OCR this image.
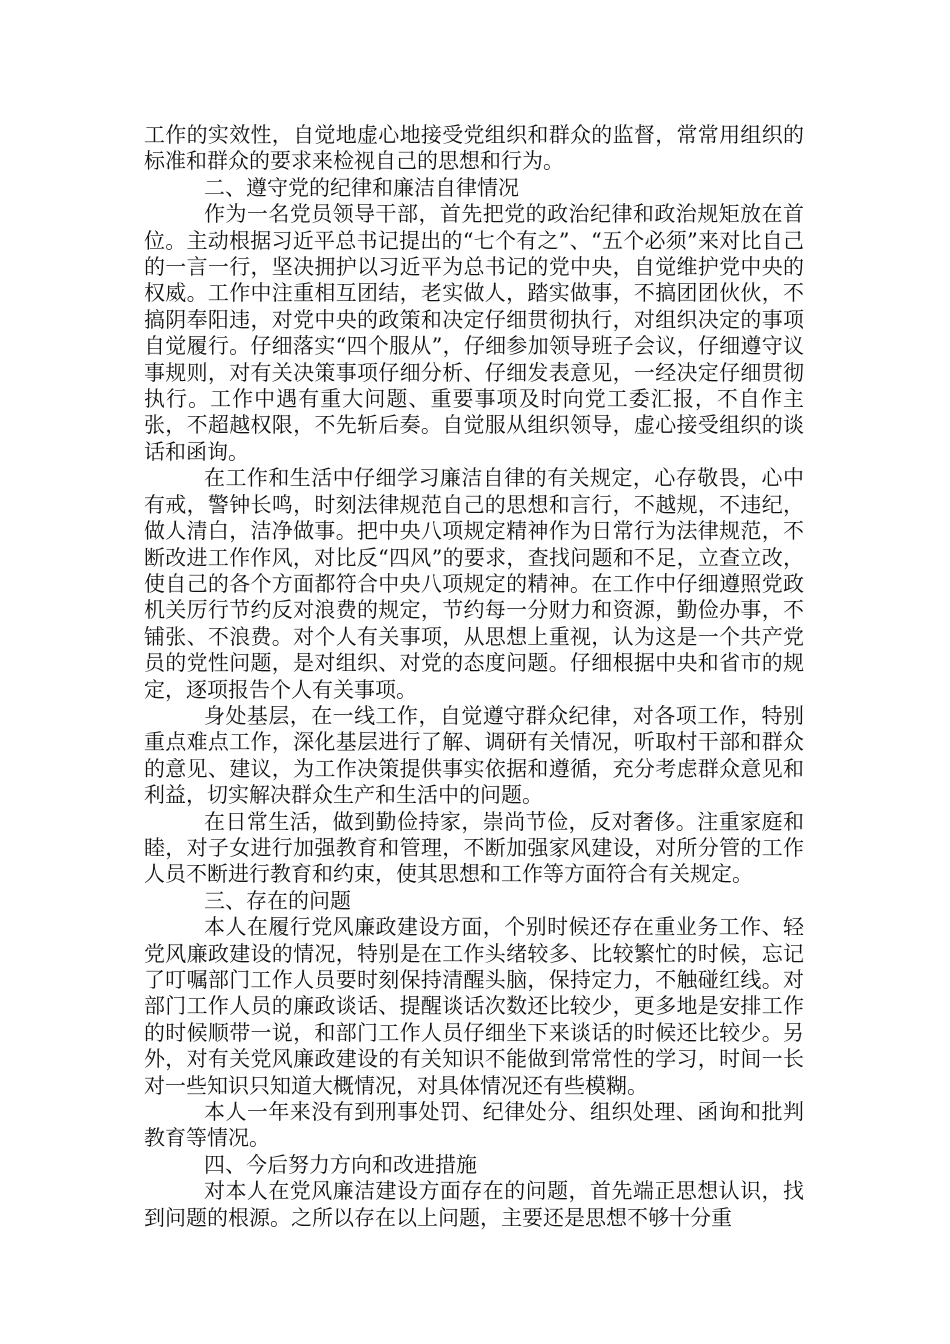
工作的实效性，自觉地虚心地接受党组织和群众的监督，常常用组织的标准和群众的要求来检视自己的思想和行为。

二、遵守党的纪律和廉洁自律情况

作为一名党员领导干部，首先把党的政治纪律和政治规矩放在首位。主动根据习近平总书记提出的“七个有之”、“五个必须”来对比自己的一言一行，坚决拥护以习近平为总书记的党中央，自觉维护党中央的权威。工作中注重相互团结，老实做人，踏实做事，不搞团团伙伙，不搞阴奉阳违，对党中央的政策和决定仔细贯彻执行，对组织决定的事项自觉履行。仔细落实“四个服从”，仔细参加领导班子会议，仔细遵守议事规则，对有关决策事项仔细分析、仔细发表意见，一经决定仔细贯彻执行。工作中遇有重大问题、重要事项及时向党工委汇报，不自作主张，不超越权限，不先斩后奏。自觉服从组织领导，虚心接受组织的谈话和函询。

在工作和生活中仔细学习廉洁自律的有关规定，心存敬畏，心中有戒，警钟长鸣，时刻法律规范自己的思想和言行，不越规，不违纪，做人清白，洁净做事。把中央八项规定精神作为日常行为法律规范，不断改进工作作风，对比反“四风”的要求，查找问题和不足，立查立改，使自己的各个方面都符合中央八项规定的精神。在工作中仔细遵照党政机关厉行节约反对浪费的规定，节约每一分财力和资源，勤俭办事，不铺张、不浪费。对个人有关事项，从思想上重视，认为这是一个共产党员的党性问题，是对组织、对党的态度问题。仔细根据中央和省市的规定，逐项报告个人有关事项。

身处基层，在一线工作，自觉遵守群众纪律，对各项工作，特别重点难点工作，深化基层进行了解、调研有关情况，听取村干部和群众的意见、建议，为工作决策提供事实依据和遵循，充分考虑群众意见和利益，切实解决群众生产和生活中的问题。

在日常生活，做到勤俭持家，崇尚节俭，反对奢侈。注重家庭和睦，对子女进行加强教育和管理，不断加强家风建设，对所分管的工作人员不断进行教育和约束，使其思想和工作等方面符合有关规定。

三、存在的问题

本人在履行党风廉政建设方面，个别时候还存在重业务工作、轻党风廉政建设的情况，特别是在工作头绪较多、比较繁忙的时候，忘记了叮嘱部门工作人员要时刻保持清醒头脑，保持定力，不触碰红线。对部门工作人员的廉政谈话、提醒谈话次数还比较少，更多地是安排工作的时候顺带一说，和部门工作人员仔细坐下来谈话的时候还比较少。另外，对有关党风廉政建设的有关知识不能做到常常性的学习，时间一长对一些知识只知道大概情况，对具体情况还有些模糊。

本人一年来没有到刑事处罚、纪律处分、组织处理、函询和批判教育等情况。

四、今后努力方向和改进措施

对本人在党风廉洁建设方面存在的问题，首先端正思想认识，找到问题的根源。之所以存在以上问题，主要还是思想不够十分重
